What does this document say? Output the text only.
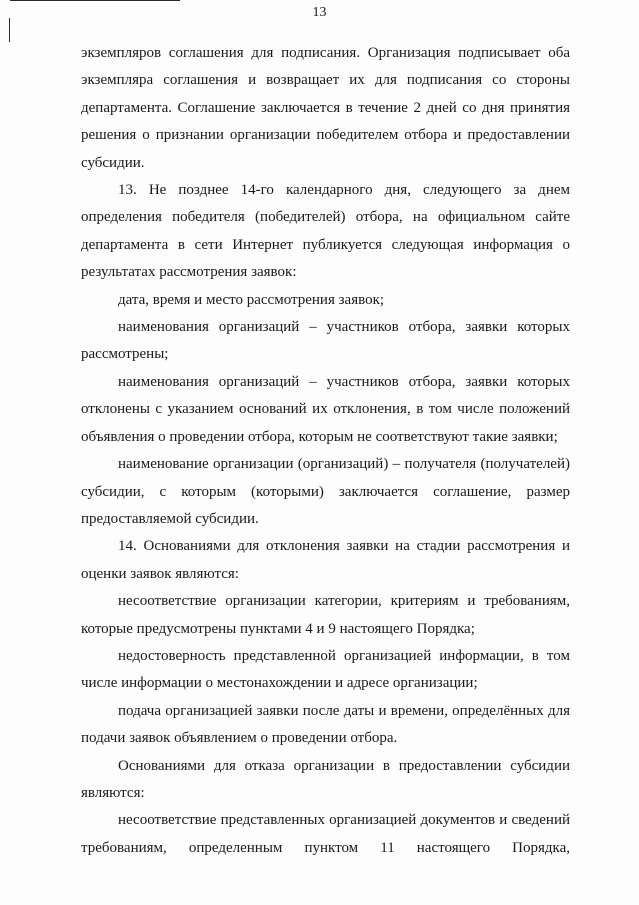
13

экземпляров соглашения для подписания. Организация подписывает оба экземпляра соглашения и возвращает их для подписания со стороны департамента. Соглашение заключается в течение 2 дней со дня принятия решения о признании организации победителем отбора и предоставлении субсидии.

13. Не позднее 14-го календарного дня, следующего за днем определения победителя (победителей) отбора, на официальном сайте департамента в сети Интернет публикуется следующая информация о результатах рассмотрения заявок:

дата, время и место рассмотрения заявок;

наименования организаций – участников отбора, заявки которых рассмотрены;

наименования организаций – участников отбора, заявки которых отклонены с указанием оснований их отклонения, в том числе положений объявления о проведении отбора, которым не соответствуют такие заявки;

наименование организации (организаций) – получателя (получателей) субсидии, с которым (которыми) заключается соглашение, размер предоставляемой субсидии.

14. Основаниями для отклонения заявки на стадии рассмотрения и оценки заявок являются:

несоответствие организации категории, критериям и требованиям, которые предусмотрены пунктами 4 и 9 настоящего Порядка;

недостоверность представленной организацией информации, в том числе информации о местонахождении и адресе организации;

подача организацией заявки после даты и времени, определённых для подачи заявок объявлением о проведении отбора.

Основаниями для отказа организации в предоставлении субсидии являются:

несоответствие представленных организацией документов и сведений требованиям, определенным пунктом 11 настоящего Порядка,
